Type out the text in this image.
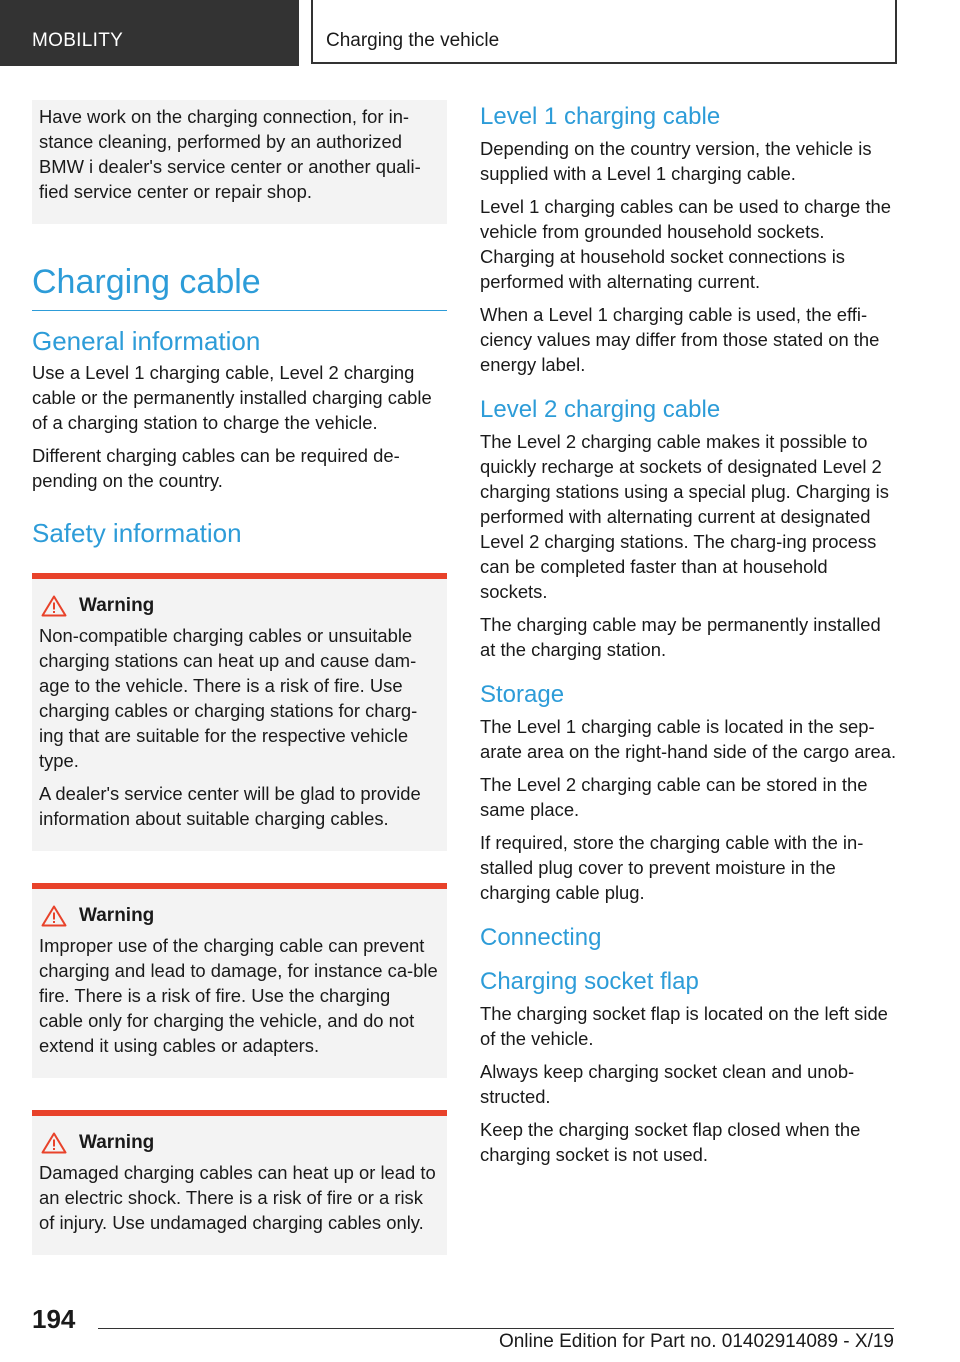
MOBILITY	Charging the vehicle

Have work on the charging connection, for in-stance cleaning, performed by an authorized BMW i dealer's service center or another quali-fied service center or repair shop.

Charging cable
General information

Use a Level 1 charging cable, Level 2 charging cable or the permanently installed charging cable of a charging station to charge the vehicle.

Different charging cables can be required de-pending on the country.

Safety information
Warning

Non-compatible charging cables or unsuitable charging stations can heat up and cause dam-age to the vehicle. There is a risk of fire. Use charging cables or charging stations for charg-ing that are suitable for the respective vehicle type.

A dealer's service center will be glad to provide information about suitable charging cables.

Warning

Improper use of the charging cable can prevent charging and lead to damage, for instance ca-ble fire. There is a risk of fire. Use the charging cable only for charging the vehicle, and do not extend it using cables or adapters.

Warning

Damaged charging cables can heat up or lead to an electric shock. There is a risk of fire or a risk of injury. Use undamaged charging cables only.

Level 1 charging cable

Depending on the country version, the vehicle is supplied with a Level 1 charging cable.

Level 1 charging cables can be used to charge the vehicle from grounded household sockets. Charging at household socket connections is performed with alternating current.

When a Level 1 charging cable is used, the effi-ciency values may differ from those stated on the energy label.

Level 2 charging cable

The Level 2 charging cable makes it possible to quickly recharge at sockets of designated Level 2 charging stations using a special plug. Charging is performed with alternating current at designated Level 2 charging stations. The charg-ing process can be completed faster than at household sockets.

The charging cable may be permanently installed at the charging station.

Storage

The Level 1 charging cable is located in the sep-arate area on the right-hand side of the cargo area.

The Level 2 charging cable can be stored in the same place.

If required, store the charging cable with the in-stalled plug cover to prevent moisture in the charging cable plug.

Connecting
Charging socket flap

The charging socket flap is located on the left side of the vehicle.

Always keep charging socket clean and unob-structed.

Keep the charging socket flap closed when the charging socket is not used.

194
Online Edition for Part no. 01402914089 - X/19
